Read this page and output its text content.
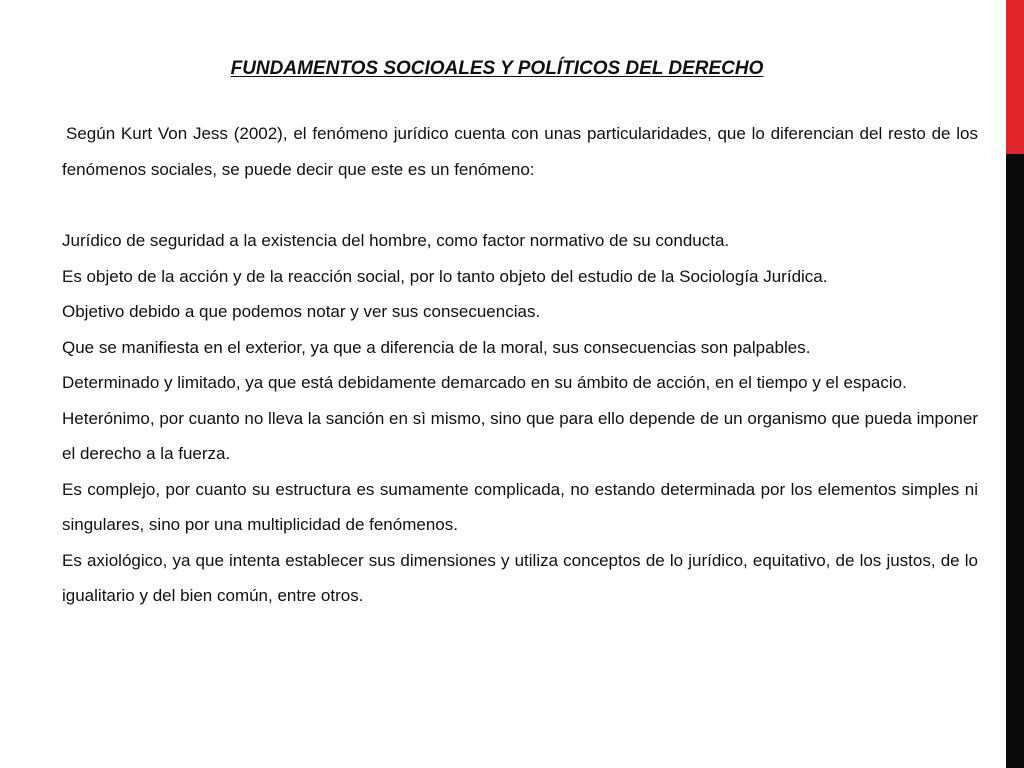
FUNDAMENTOS SOCIOALES Y POLÍTICOS DEL DERECHO

Según Kurt Von Jess (2002), el fenómeno jurídico cuenta con unas particularidades, que lo diferencian del resto de los fenómenos sociales, se puede decir que este es un fenómeno:

Jurídico de seguridad a la existencia del hombre, como factor normativo de su conducta.

Es objeto de la acción y de la reacción social, por lo tanto objeto del estudio de la Sociología Jurídica.

Objetivo debido a que podemos notar y ver sus consecuencias.

Que se manifiesta en el exterior, ya que a diferencia de la moral, sus consecuencias son palpables.

Determinado y limitado, ya que está debidamente demarcado en su ámbito de acción, en el tiempo y el espacio.

Heterónimo, por cuanto no lleva la sanción en sì mismo, sino que para ello depende de un organismo que pueda imponer el derecho a la fuerza.

Es complejo, por cuanto su estructura es sumamente complicada, no estando determinada por los elementos simples ni singulares, sino por una multiplicidad de fenómenos.

Es axiológico, ya que intenta establecer sus dimensiones y utiliza conceptos de lo jurídico, equitativo, de los justos, de lo igualitario y del bien común, entre otros.
